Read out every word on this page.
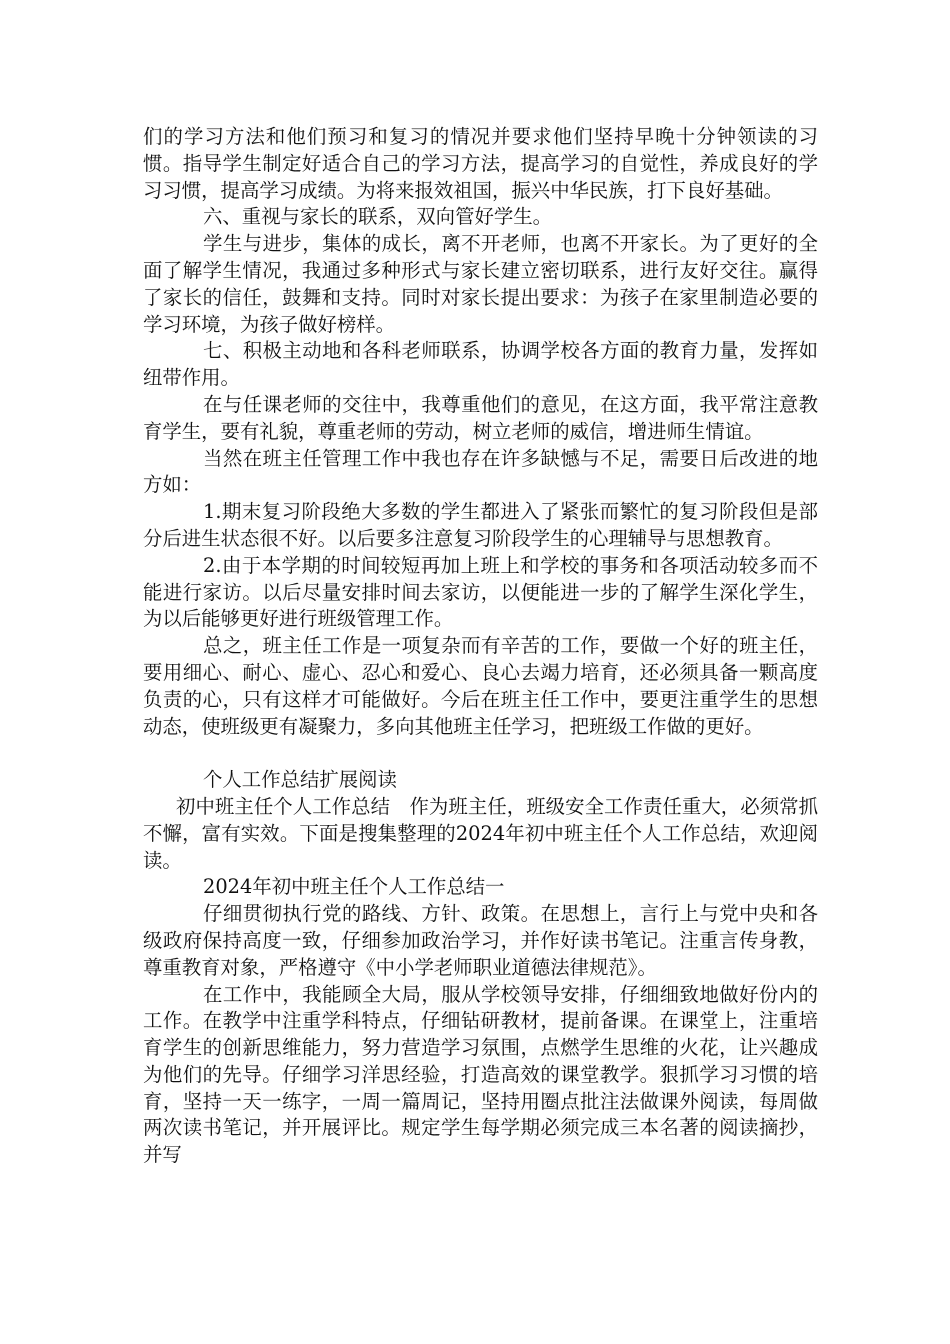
们的学习方法和他们预习和复习的情况并要求他们坚持早晚十分钟领读的习惯。指导学生制定好适合自己的学习方法，提高学习的自觉性，养成良好的学习习惯，提高学习成绩。为将来报效祖国，振兴中华民族，打下良好基础。

六、重视与家长的联系，双向管好学生。

学生与进步，集体的成长，离不开老师，也离不开家长。为了更好的全面了解学生情况，我通过多种形式与家长建立密切联系，进行友好交往。赢得了家长的信任，鼓舞和支持。同时对家长提出要求：为孩子在家里制造必要的学习环境，为孩子做好榜样。

七、积极主动地和各科老师联系，协调学校各方面的教育力量，发挥如纽带作用。

在与任课老师的交往中，我尊重他们的意见，在这方面，我平常注意教育学生，要有礼貌，尊重老师的劳动，树立老师的威信，增进师生情谊。

当然在班主任管理工作中我也存在许多缺憾与不足，需要日后改进的地方如：

1.期末复习阶段绝大多数的学生都进入了紧张而繁忙的复习阶段但是部分后进生状态很不好。以后要多注意复习阶段学生的心理辅导与思想教育。

2.由于本学期的时间较短再加上班上和学校的事务和各项活动较多而不能进行家访。以后尽量安排时间去家访，以便能进一步的了解学生深化学生，为以后能够更好进行班级管理工作。

总之，班主任工作是一项复杂而有辛苦的工作，要做一个好的班主任，要用细心、耐心、虚心、忍心和爱心、良心去竭力培育，还必须具备一颗高度负责的心，只有这样才可能做好。今后在班主任工作中，要更注重学生的思想动态，使班级更有凝聚力，多向其他班主任学习，把班级工作做的更好。

个人工作总结扩展阅读

初中班主任个人工作总结　作为班主任，班级安全工作责任重大，必须常抓不懈，富有实效。下面是搜集整理的2024年初中班主任个人工作总结，欢迎阅读。

2024年初中班主任个人工作总结一

仔细贯彻执行党的路线、方针、政策。在思想上，言行上与党中央和各级政府保持高度一致，仔细参加政治学习，并作好读书笔记。注重言传身教，尊重教育对象，严格遵守《中小学老师职业道德法律规范》。

在工作中，我能顾全大局，服从学校领导安排，仔细细致地做好份内的工作。在教学中注重学科特点，仔细钻研教材，提前备课。在课堂上，注重培育学生的创新思维能力，努力营造学习氛围，点燃学生思维的火花，让兴趣成为他们的先导。仔细学习洋思经验，打造高效的课堂教学。狠抓学习习惯的培育，坚持一天一练字，一周一篇周记，坚持用圈点批注法做课外阅读，每周做两次读书笔记，并开展评比。规定学生每学期必须完成三本名著的阅读摘抄，并写
